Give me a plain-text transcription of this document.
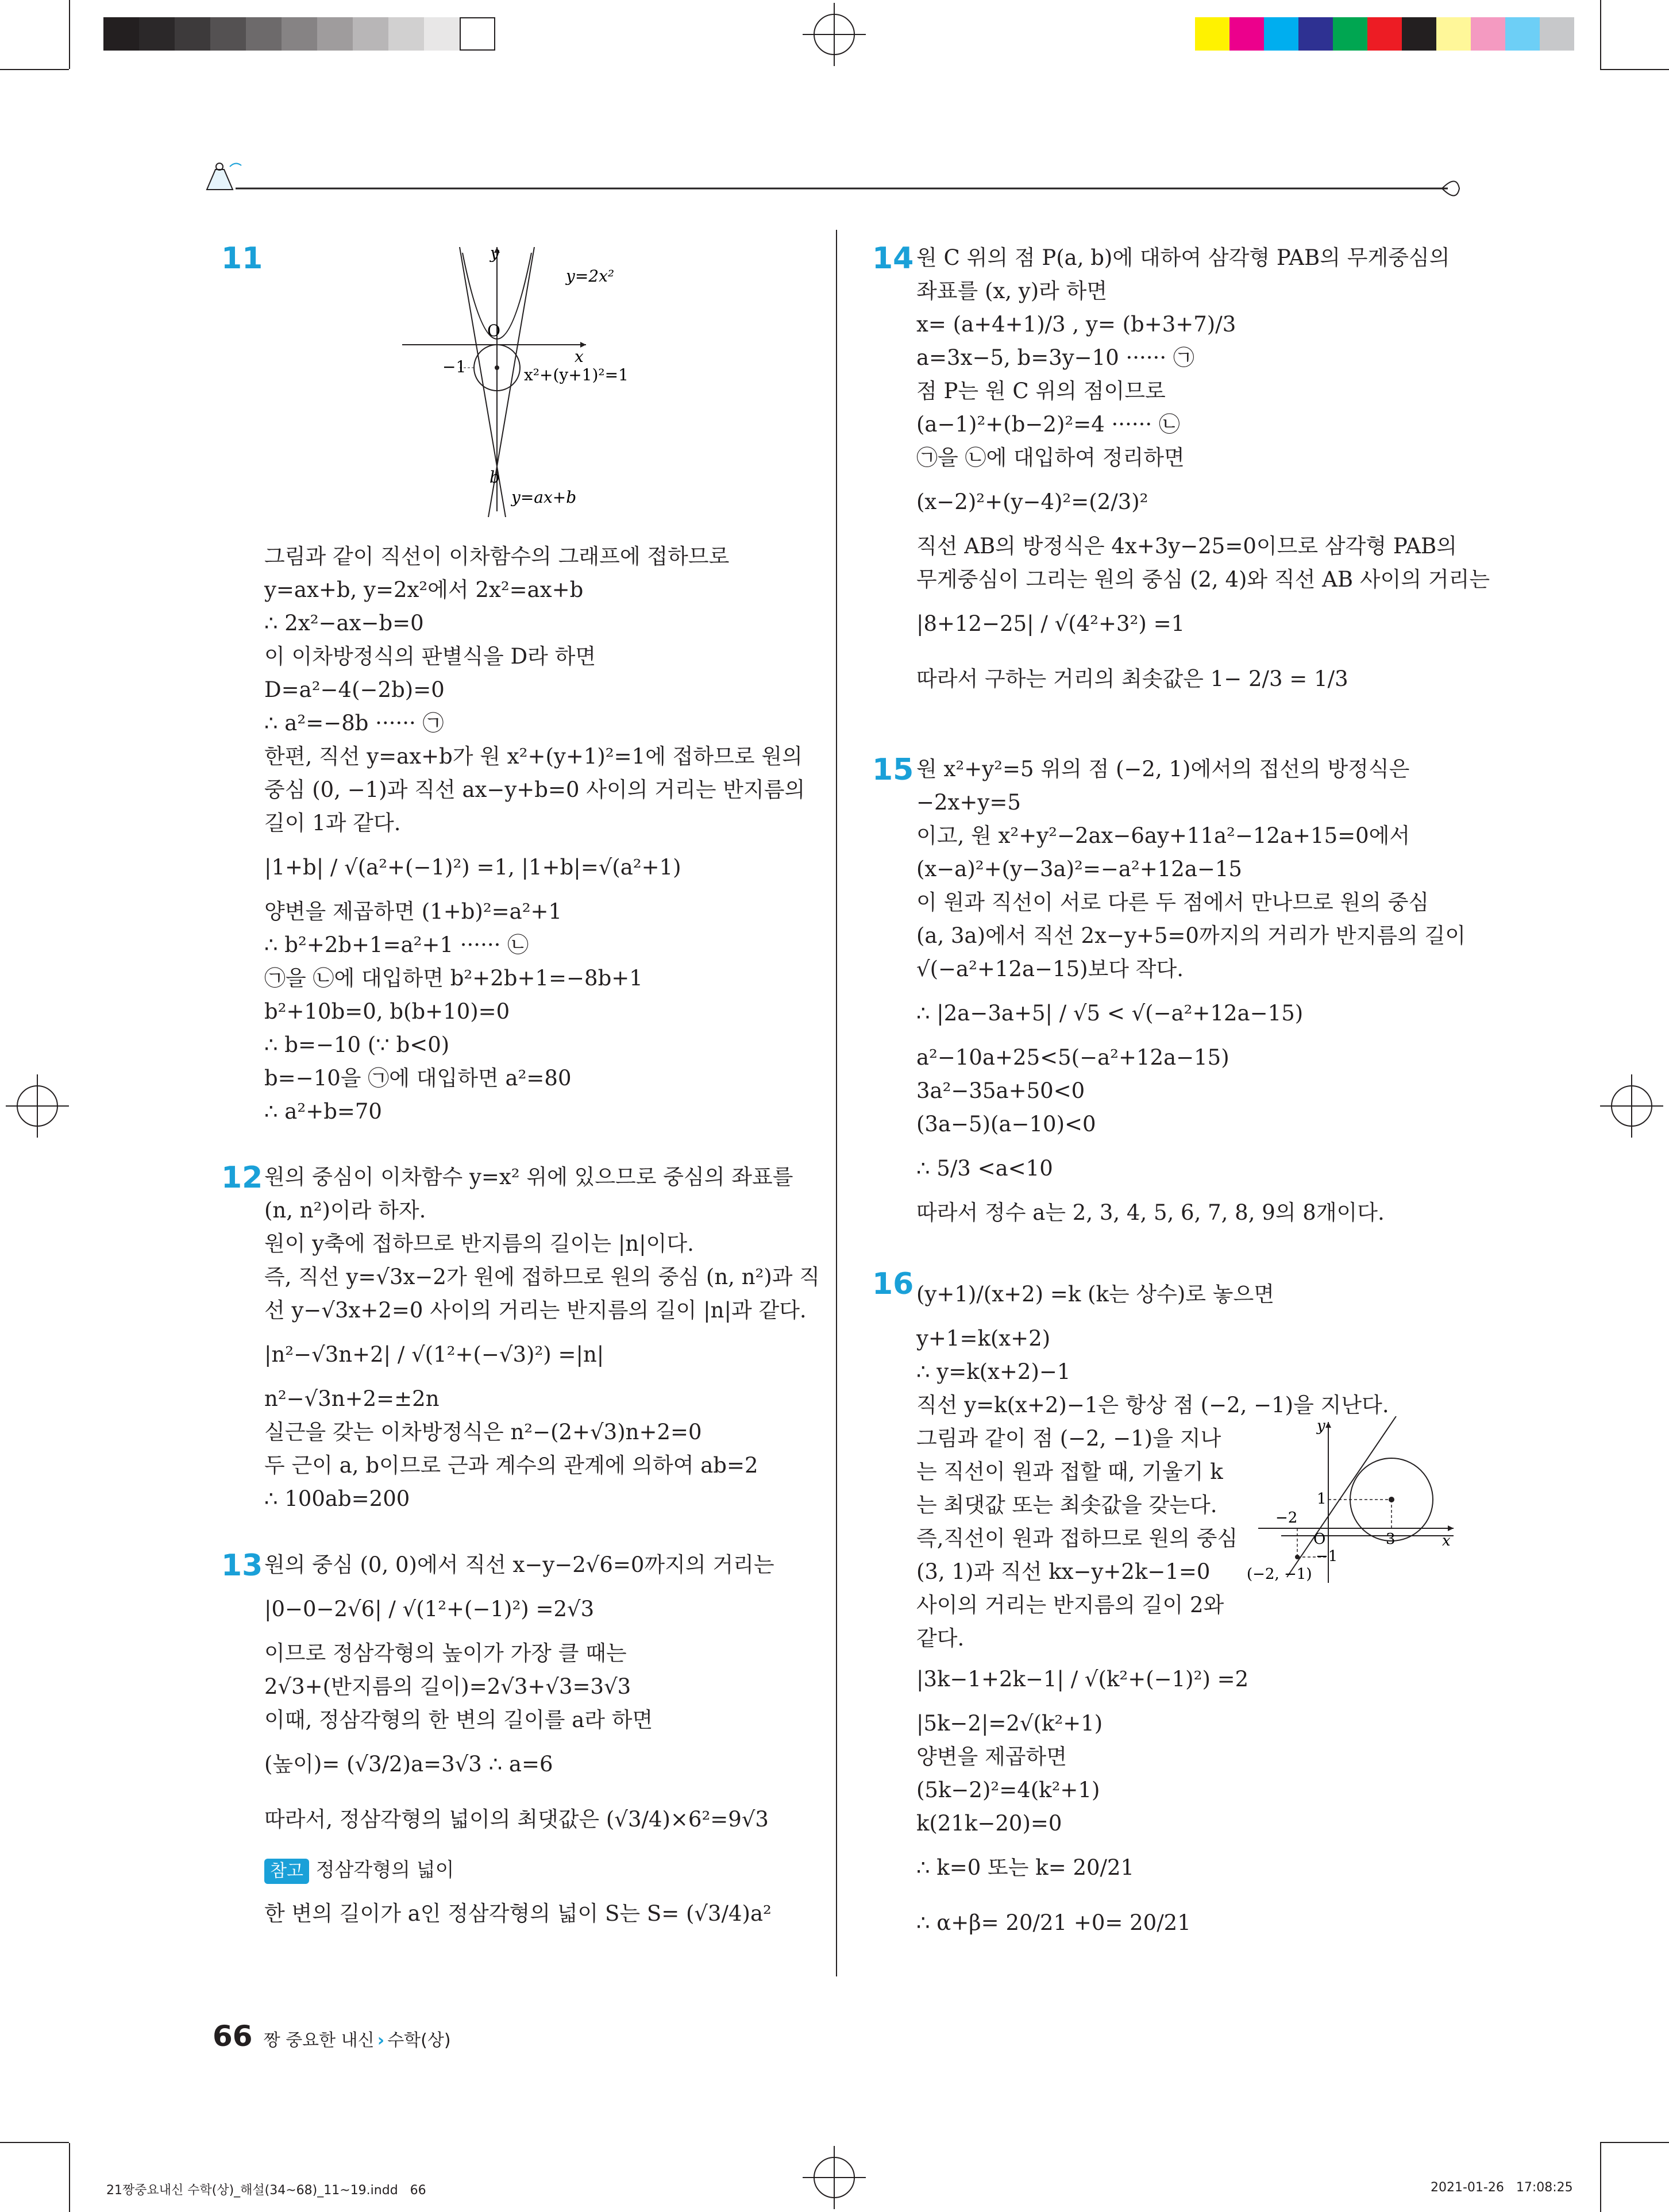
11	y
x
O
y=2x²
x²+(y+1)²=1
−1
b
y=ax+b
그림과 같이 직선이 이차함수의 그래프에 접하므로
y=ax+b, y=2x²에서 2x²=ax+b
∴ 2x²−ax−b=0
이 이차방정식의 판별식을 D라 하면
D=a²−4(−2b)=0
∴ a²=−8b ······ ㉠
한편, 직선 y=ax+b가 원 x²+(y+1)²=1에 접하므로 원의
중심 (0, −1)과 직선 ax−y+b=0 사이의 거리는 반지름의
길이 1과 같다.
|1+b| / √(a²+(−1)²) =1, |1+b|=√(a²+1)
양변을 제곱하면 (1+b)²=a²+1
∴ b²+2b+1=a²+1 ······ ㉡
㉠을 ㉡에 대입하면 b²+2b+1=−8b+1
b²+10b=0, b(b+10)=0
∴ b=−10 (∵ b<0)
b=−10을 ㉠에 대입하면 a²=80
∴ a²+b=70
12 원의 중심이 이차함수 y=x² 위에 있으므로 중심의 좌표를
(n, n²)이라 하자.
원이 y축에 접하므로 반지름의 길이는 |n|이다.
즉, 직선 y=√3x−2가 원에 접하므로 원의 중심 (n, n²)과 직
선 y−√3x+2=0 사이의 거리는 반지름의 길이 |n|과 같다.
|n²−√3n+2| / √(1²+(−√3)²) =|n|
n²−√3n+2=±2n
실근을 갖는 이차방정식은 n²−(2+√3)n+2=0
두 근이 a, b이므로 근과 계수의 관계에 의하여 ab=2
∴ 100ab=200
13 원의 중심 (0, 0)에서 직선 x−y−2√6=0까지의 거리는
|0−0−2√6| / √(1²+(−1)²) =2√3
이므로 정삼각형의 높이가 가장 클 때는
2√3+(반지름의 길이)=2√3+√3=3√3
이때, 정삼각형의 한 변의 길이를 a라 하면
(높이)= (√3/2)a=3√3 ∴ a=6
따라서, 정삼각형의 넓이의 최댓값은 (√3/4)×6²=9√3
참고 정삼각형의 넓이
한 변의 길이가 a인 정삼각형의 넓이 S는 S= (√3/4)a²
14 원 C 위의 점 P(a, b)에 대하여 삼각형 PAB의 무게중심의
좌표를 (x, y)라 하면
x= (a+4+1)/3 , y= (b+3+7)/3
a=3x−5, b=3y−10 ······ ㉠
점 P는 원 C 위의 점이므로
(a−1)²+(b−2)²=4 ······ ㉡
㉠을 ㉡에 대입하여 정리하면
(x−2)²+(y−4)²=(2/3)²
직선 AB의 방정식은 4x+3y−25=0이므로 삼각형 PAB의
무게중심이 그리는 원의 중심 (2, 4)와 직선 AB 사이의 거리는
|8+12−25| / √(4²+3²) =1
따라서 구하는 거리의 최솟값은 1− 2/3 = 1/3
15 원 x²+y²=5 위의 점 (−2, 1)에서의 접선의 방정식은
−2x+y=5
이고, 원 x²+y²−2ax−6ay+11a²−12a+15=0에서
(x−a)²+(y−3a)²=−a²+12a−15
이 원과 직선이 서로 다른 두 점에서 만나므로 원의 중심
(a, 3a)에서 직선 2x−y+5=0까지의 거리가 반지름의 길이
√(−a²+12a−15)보다 작다.
∴ |2a−3a+5| / √5 < √(−a²+12a−15)
a²−10a+25<5(−a²+12a−15)
3a²−35a+50<0
(3a−5)(a−10)<0
∴ 5/3 <a<10
따라서 정수 a는 2, 3, 4, 5, 6, 7, 8, 9의 8개이다.
16 (y+1)/(x+2) =k (k는 상수)로 놓으면
y+1=k(x+2)
∴ y=k(x+2)−1
직선 y=k(x+2)−1은 항상 점 (−2, −1)을 지난다.
그림과 같이 점 (−2, −1)을 지나
는 직선이 원과 접할 때, 기울기 k
는 최댓값 또는 최솟값을 갖는다.
즉,직선이 원과 접하므로 원의 중심
(3, 1)과 직선 kx−y+2k−1=0
사이의 거리는 반지름의 길이 2와
같다.
y
x
O
1
−2
3
−1
(−2, −1)
|3k−1+2k−1| / √(k²+(−1)²) =2
|5k−2|=2√(k²+1)
양변을 제곱하면
(5k−2)²=4(k²+1)
k(21k−20)=0
∴ k=0 또는 k= 20/21
∴ α+β= 20/21 +0= 20/21
66 짱 중요한 내신 › 수학(상)
21짱중요내신 수학(상)_해설(34~68)_11~19.indd   66	2021-01-26   17:08:25
